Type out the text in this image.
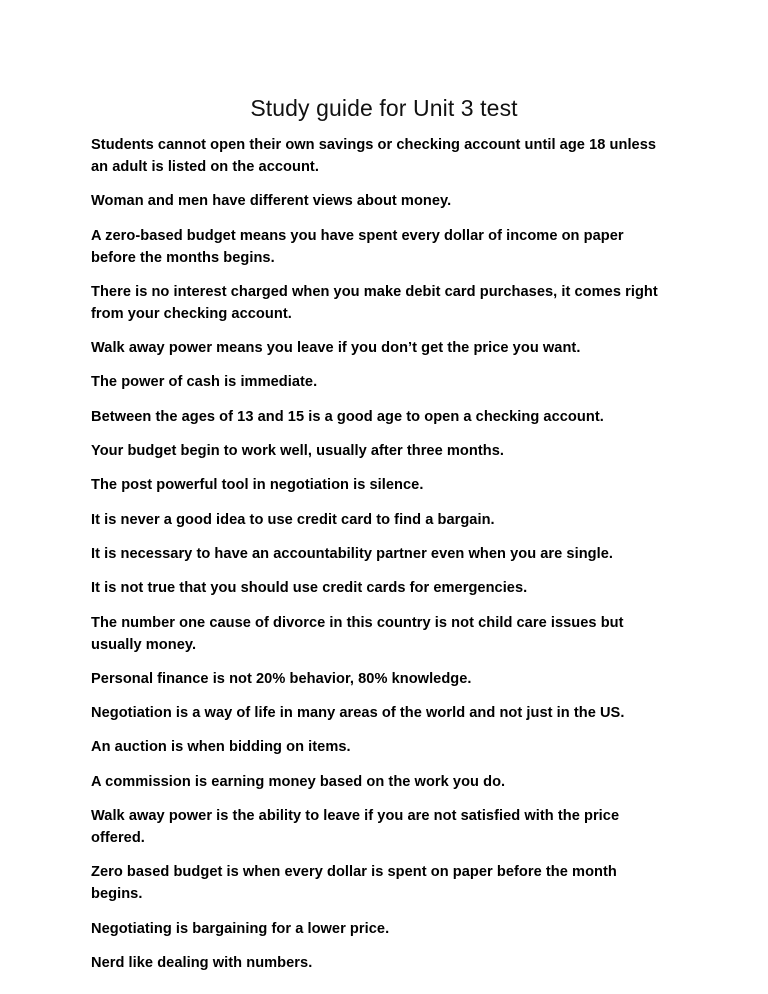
Study guide for Unit 3 test

Students cannot open their own savings or checking account until age 18 unless an adult is listed on the account.

Woman and men have different views about money.

A zero-based budget means you have spent every dollar of income on paper before the months begins.

There is no interest charged when you make debit card purchases, it comes right from your checking account.

Walk away power means you leave if you don’t get the price you want.

The power of cash is immediate.

Between the ages of 13 and 15 is a good age to open a checking account.

Your budget begin to work well, usually after three months.

The post powerful tool in negotiation is silence.

It is never a good idea to use credit card to find a bargain.

It is necessary to have an accountability partner even when you are single.

It is not true that you should use credit cards for emergencies.

The number one cause of divorce in this country is not child care issues but usually money.

Personal finance is not 20% behavior, 80% knowledge.

Negotiation is a way of life in many areas of the world and not just in the US.

An auction is when bidding on items.

A commission is earning money based on the work you do.

Walk away power is the ability to leave if you are not satisfied with the price offered.

Zero based budget is when every dollar is spent on paper before the month begins.

Negotiating is bargaining for a lower price.

Nerd like dealing with numbers.
